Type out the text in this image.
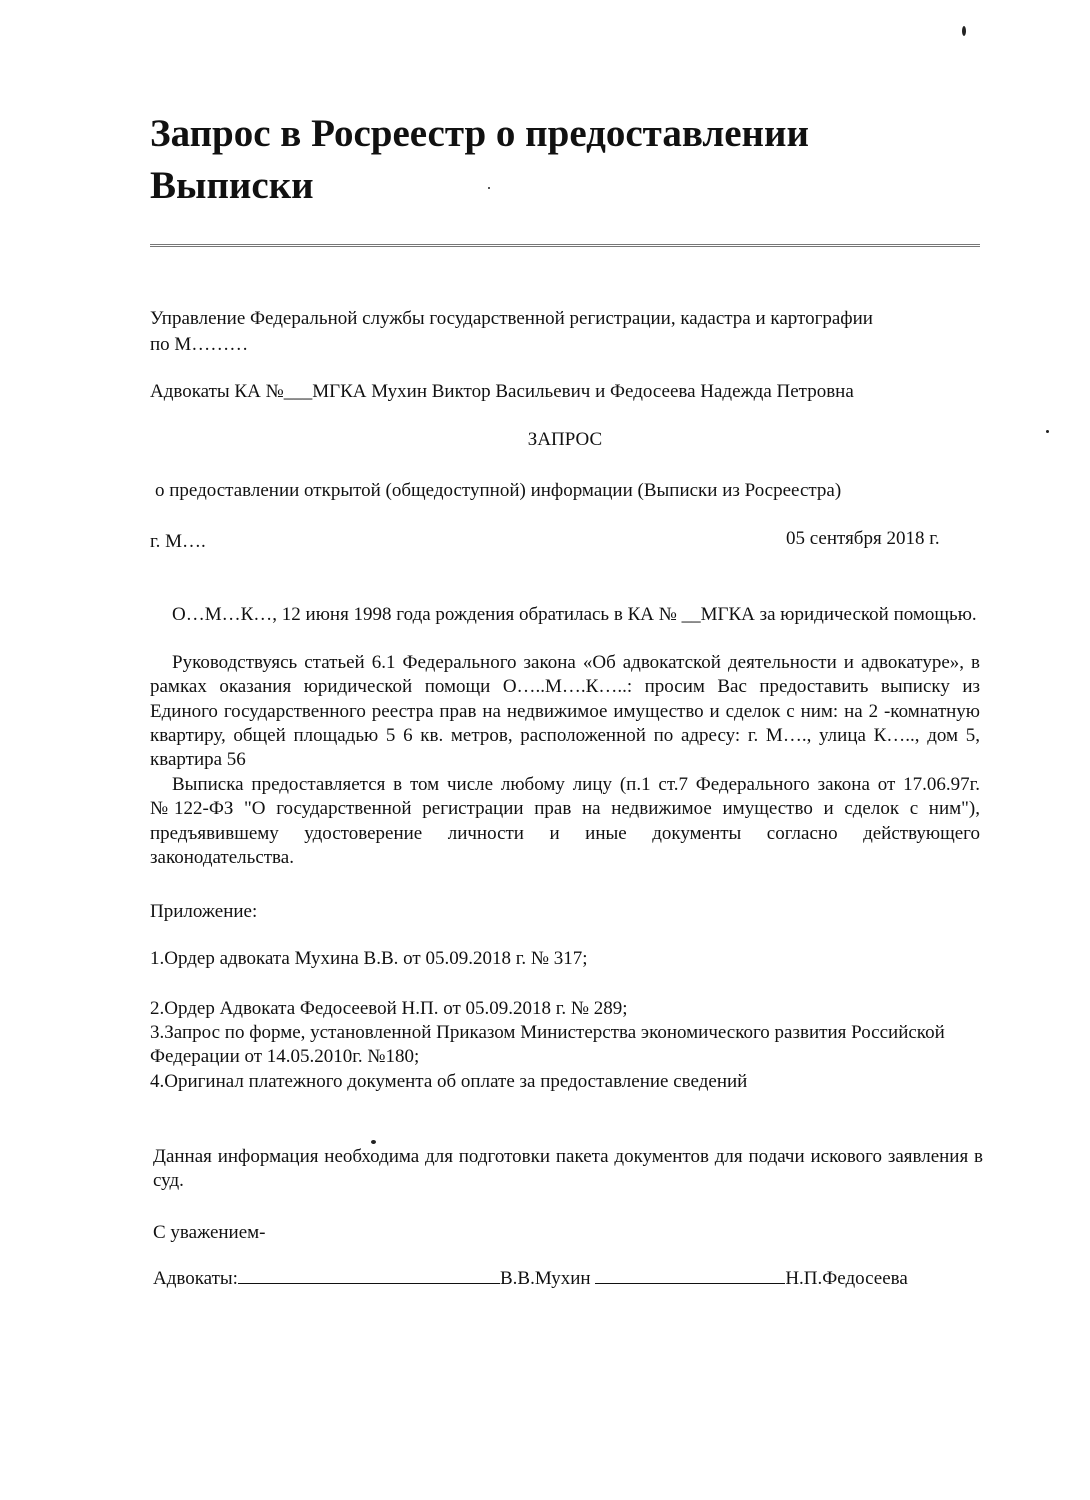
Запрос в Росреестр о предоставлении Выписки

Управление Федеральной службы государственной регистрации, кадастра и картографии

по М………

Адвокаты КА №___МГКА Мухин Виктор Васильевич и Федосеева Надежда Петровна

ЗАПРОС

о предоставлении открытой (общедоступной) информации (Выписки из Росреестра)

г. М….	05 сентября 2018 г.

О…М…К…, 12 июня 1998 года рождения обратилась в КА № __МГКА за юридической помощью.

Руководствуясь статьей 6.1 Федерального закона «Об адвокатской деятельности и адвокатуре», в рамках оказания юридической помощи О…..М….К…..: просим Вас предоставить выписку из Единого государственного реестра прав на недвижимое имущество и сделок с ним: на 2 -комнатную квартиру, общей площадью 5 6 кв. метров, расположенной по адресу: г. М…., улица К….., дом 5, квартира 56

Выписка предоставляется в том числе любому лицу (п.1 ст.7 Федерального закона от 17.06.97г. №122-ФЗ "О государственной регистрации прав на недвижимое имущество и сделок с ним"), предъявившему удостоверение личности и иные документы согласно действующего законодательства.

Приложение:

1.Ордер адвоката Мухина В.В. от 05.09.2018 г. № 317;

2.Ордер Адвоката Федосеевой Н.П. от 05.09.2018 г. № 289;

3.Запрос по форме, установленной Приказом Министерства экономического развития Российской Федерации от 14.05.2010г. №180;

4.Оригинал платежного документа об оплате за предоставление сведений

Данная информация необходима для подготовки пакета документов для подачи искового заявления в суд.

С уважением-

Адвокаты:	В.В.Мухин	Н.П.Федосеева
